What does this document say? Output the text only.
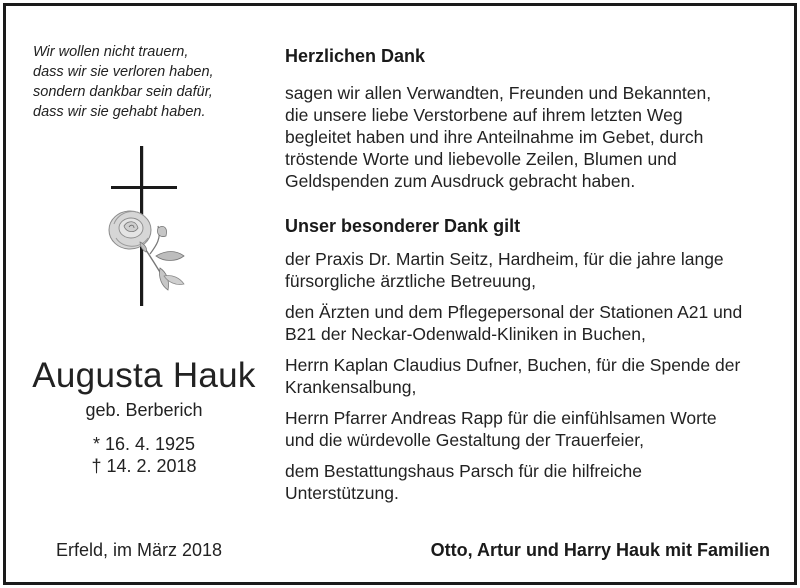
Wir wollen nicht trauern,
dass wir sie verloren haben,
sondern dankbar sein dafür,
dass wir sie gehabt haben.
Augusta Hauk
geb. Berberich
* 16. 4. 1925
† 14. 2. 2018
Erfeld, im März 2018

Herzlichen Dank

sagen wir allen Verwandten, Freunden und Bekannten,
die unsere liebe Verstorbene auf ihrem letzten Weg
begleitet haben und ihre Anteilnahme im Gebet, durch
tröstende Worte und liebevolle Zeilen, Blumen und
Geldspenden zum Ausdruck gebracht haben.

Unser besonderer Dank gilt

der Praxis Dr. Martin Seitz, Hardheim, für die jahre lange
fürsorgliche ärztliche Betreuung,
den Ärzten und dem Pflegepersonal der Stationen A21 und
B21 der Neckar-Odenwald-Kliniken in Buchen,
Herrn Kaplan Claudius Dufner, Buchen, für die Spende der
Krankensalbung,
Herrn Pfarrer Andreas Rapp für die einfühlsamen Worte
und die würdevolle Gestaltung der Trauerfeier,
dem Bestattungshaus Parsch für die hilfreiche
Unterstützung.
Otto, Artur und Harry Hauk mit Familien
